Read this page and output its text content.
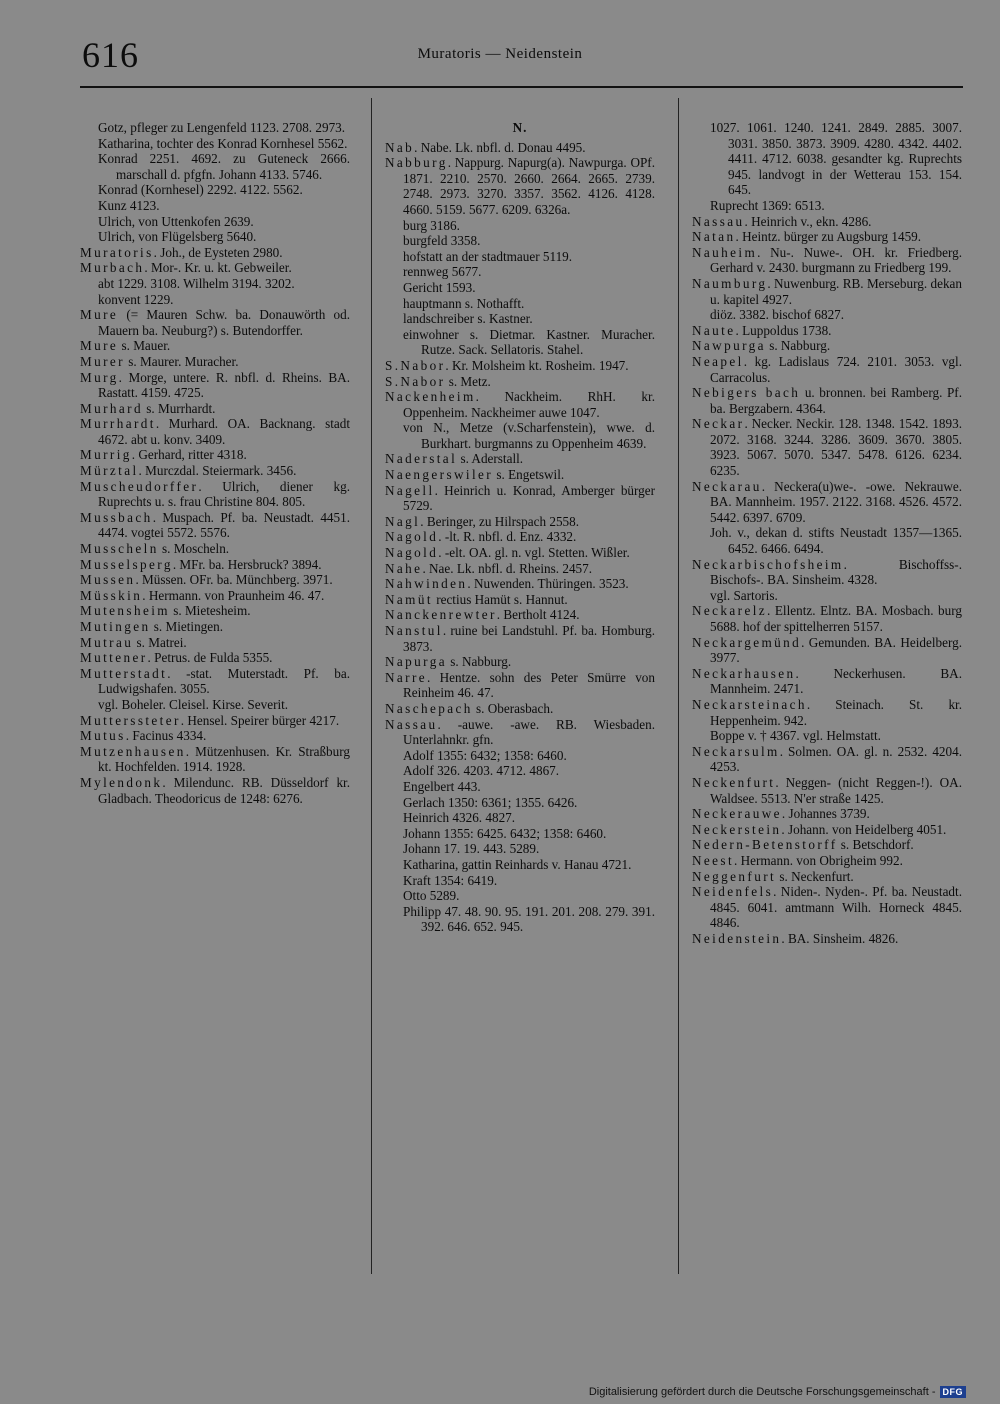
616	Muratoris — Neidenstein

Gotz, pfleger zu Lengenfeld 1123. 2708. 2973.

Katharina, tochter des Konrad Kornhesel 5562.

Konrad 2251. 4692. zu Guteneck 2666. marschall d. pfgfn. Johann 4133. 5746.

Konrad (Kornhesel) 2292. 4122. 5562.

Kunz 4123.

Ulrich, von Uttenkofen 2639.

Ulrich, von Flügelsberg 5640.

Muratoris. Joh., de Eysteten 2980.

Murbach. Mor-. Kr. u. kt. Gebweiler.

abt 1229. 3108. Wilhelm 3194. 3202.

konvent 1229.

Mure (= Mauren Schw. ba. Donauwörth od. Mauern ba. Neuburg?) s. Butendorffer.

Mure s. Mauer.

Murer s. Maurer. Muracher.

Murg. Morge, untere. R. nbfl. d. Rheins. BA. Rastatt. 4159. 4725.

Murhard s. Murrhardt.

Murrhardt. Murhard. OA. Backnang. stadt 4672. abt u. konv. 3409.

Murrig. Gerhard, ritter 4318.

Mürztal. Murczdal. Steiermark. 3456.

Muscheudorffer. Ulrich, diener kg. Ruprechts u. s. frau Christine 804. 805.

Mussbach. Muspach. Pf. ba. Neustadt. 4451. 4474. vogtei 5572. 5576.

Musscheln s. Moscheln.

Musselsperg. MFr. ba. Hersbruck? 3894.

Mussen. Müssen. OFr. ba. Münchberg. 3971.

Müsskin. Hermann. von Praunheim 46. 47.

Mutensheim s. Mietesheim.

Mutingen s. Mietingen.

Mutrau s. Matrei.

Muttener. Petrus. de Fulda 5355.

Mutterstadt. -stat. Muterstadt. Pf. ba. Ludwigshafen. 3055.

vgl. Boheler. Cleisel. Kirse. Severit.

Mutterssteter. Hensel. Speirer bürger 4217.

Mutus. Facinus 4334.

Mutzenhausen. Mützenhusen. Kr. Straßburg kt. Hochfelden. 1914. 1928.

Mylendonk. Milendunc. RB. Düsseldorf kr. Gladbach. Theodoricus de 1248: 6276.

N.

Nab. Nabe. Lk. nbfl. d. Donau 4495.

Nabburg. Nappurg. Napurg(a). Nawpurga. OPf. 1871. 2210. 2570. 2660. 2664. 2665. 2739. 2748. 2973. 3270. 3357. 3562. 4126. 4128. 4660. 5159. 5677. 6209. 6326a.

burg 3186.

burgfeld 3358.

hofstatt an der stadtmauer 5119.

rennweg 5677.

Gericht 1593.

hauptmann s. Nothafft.

landschreiber s. Kastner.

einwohner s. Dietmar. Kastner. Muracher. Rutze. Sack. Sellatoris. Stahel.

S.Nabor. Kr. Molsheim kt. Rosheim. 1947.

S.Nabor s. Metz.

Nackenheim. Nackheim. RhH. kr. Oppenheim. Nackheimer auwe 1047.

von N., Metze (v.Scharfenstein), wwe. d. Burkhart. burgmanns zu Oppenheim 4639.

Naderstal s. Aderstall.

Naengerswiler s. Engetswil.

Nagell. Heinrich u. Konrad, Amberger bürger 5729.

Nagl. Beringer, zu Hilrspach 2558.

Nagold. -lt. R. nbfl. d. Enz. 4332.

Nagold. -elt. OA. gl. n. vgl. Stetten. Wißler.

Nahe. Nae. Lk. nbfl. d. Rheins. 2457.

Nahwinden. Nuwenden. Thüringen. 3523.

Namüt rectius Hamüt s. Hannut.

Nanckenrewter. Bertholt 4124.

Nanstul. ruine bei Landstuhl. Pf. ba. Homburg. 3873.

Napurga s. Nabburg.

Narre. Hentze. sohn des Peter Smürre von Reinheim 46. 47.

Naschepach s. Oberasbach.

Nassau. -auwe. -awe. RB. Wiesbaden. Unterlahnkr. gfn.

Adolf 1355: 6432; 1358: 6460.

Adolf 326. 4203. 4712. 4867.

Engelbert 443.

Gerlach 1350: 6361; 1355. 6426.

Heinrich 4326. 4827.

Johann 1355: 6425. 6432; 1358: 6460.

Johann 17. 19. 443. 5289.

Katharina, gattin Reinhards v. Hanau 4721.

Kraft 1354: 6419.

Otto 5289.

Philipp 47. 48. 90. 95. 191. 201. 208. 279. 391. 392. 646. 652. 945.

1027. 1061. 1240. 1241. 2849. 2885. 3007. 3031. 3850. 3873. 3909. 4280. 4342. 4402. 4411. 4712. 6038. gesandter kg. Ruprechts 945. landvogt in der Wetterau 153. 154. 645.

Ruprecht 1369: 6513.

Nassau. Heinrich v., ekn. 4286.

Natan. Heintz. bürger zu Augsburg 1459.

Nauheim. Nu-. Nuwe-. OH. kr. Friedberg. Gerhard v. 2430. burgmann zu Friedberg 199.

Naumburg. Nuwenburg. RB. Merseburg. dekan u. kapitel 4927.

diöz. 3382. bischof 6827.

Naute. Luppoldus 1738.

Nawpurga s. Nabburg.

Neapel. kg. Ladislaus 724. 2101. 3053. vgl. Carracolus.

Nebigers bach u. bronnen. bei Ramberg. Pf. ba. Bergzabern. 4364.

Neckar. Necker. Neckir. 128. 1348. 1542. 1893. 2072. 3168. 3244. 3286. 3609. 3670. 3805. 3923. 5067. 5070. 5347. 5478. 6126. 6234. 6235.

Neckarau. Neckera(u)we-. -owe. Nekrauwe. BA. Mannheim. 1957. 2122. 3168. 4526. 4572. 5442. 6397. 6709.

Joh. v., dekan d. stifts Neustadt 1357—1365. 6452. 6466. 6494.

Neckarbischofsheim. Bischoffss-. Bischofs-. BA. Sinsheim. 4328.

vgl. Sartoris.

Neckarelz. Ellentz. Elntz. BA. Mosbach. burg 5688. hof der spittelherren 5157.

Neckargemünd. Gemunden. BA. Heidelberg. 3977.

Neckarhausen. Neckerhusen. BA. Mannheim. 2471.

Neckarsteinach. Steinach. St. kr. Heppenheim. 942.

Boppe v. † 4367. vgl. Helmstatt.

Neckarsulm. Solmen. OA. gl. n. 2532. 4204. 4253.

Neckenfurt. Neggen- (nicht Reggen-!). OA. Waldsee. 5513. N'er straße 1425.

Neckerauwe. Johannes 3739.

Neckerstein. Johann. von Heidelberg 4051.

Nedern-Betenstorff s. Betschdorf.

Neest. Hermann. von Obrigheim 992.

Neggenfurt s. Neckenfurt.

Neidenfels. Niden-. Nyden-. Pf. ba. Neustadt. 4845. 6041. amtmann Wilh. Horneck 4845. 4846.

Neidenstein. BA. Sinsheim. 4826.

Digitalisierung gefördert durch die Deutsche Forschungsgemeinschaft - DFG
